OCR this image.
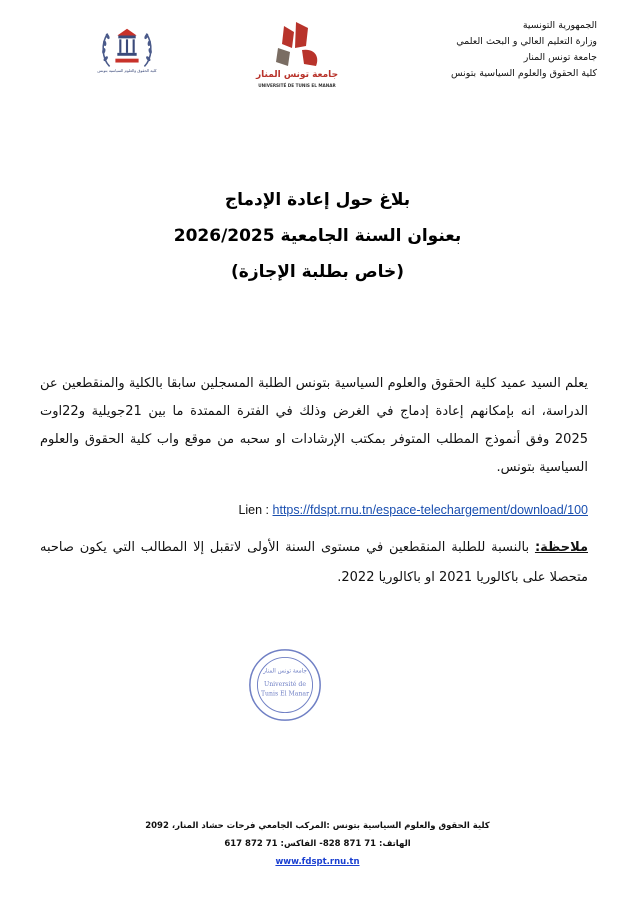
كلية الحقوق والعلوم السياسية بتونس	جامعة تونس المنار
UNIVERSITÉ DE TUNIS EL MANAR
الجمهورية التونسية
وزارة التعليم العالي و البحث العلمي
جامعة تونس المنار
كلية الحقوق والعلوم السياسية بتونس
بلاغ حول إعادة الإدماج
بعنوان السنة الجامعية 2026/2025
(خاص بطلبة الإجازة)
يعلم السيد عميد كلية الحقوق والعلوم السياسية بتونس الطلبة المسجلين سابقا بالكلية والمنقطعين عن الدراسة، انه بإمكانهم إعادة إدماج في الغرض وذلك في الفترة الممتدة ما بين 21جويلية و22اوت 2025 وفق أنموذج المطلب المتوفر بمكتب الإرشادات او سحبه من موقع واب كلية الحقوق والعلوم السياسية بتونس.
Lien : https://fdspt.rnu.tn/espace-telechargement/download/100
ملاحظة: بالنسبة للطلبة المنقطعين في مستوى السنة الأولى لاتقبل إلا المطالب التي يكون صاحبه متحصلا على باكالوريا 2021 او باكالوريا 2022.
جامعة تونس المنار
Université de
Tunis El Manar
كلية الحقوق والعلوم السياسية بتونس :المركب الجامعي فرحات حشاد المنار، 2092
الهاتف: 71 871 828- الفاكس: 71 872 617
www.fdspt.rnu.tn
